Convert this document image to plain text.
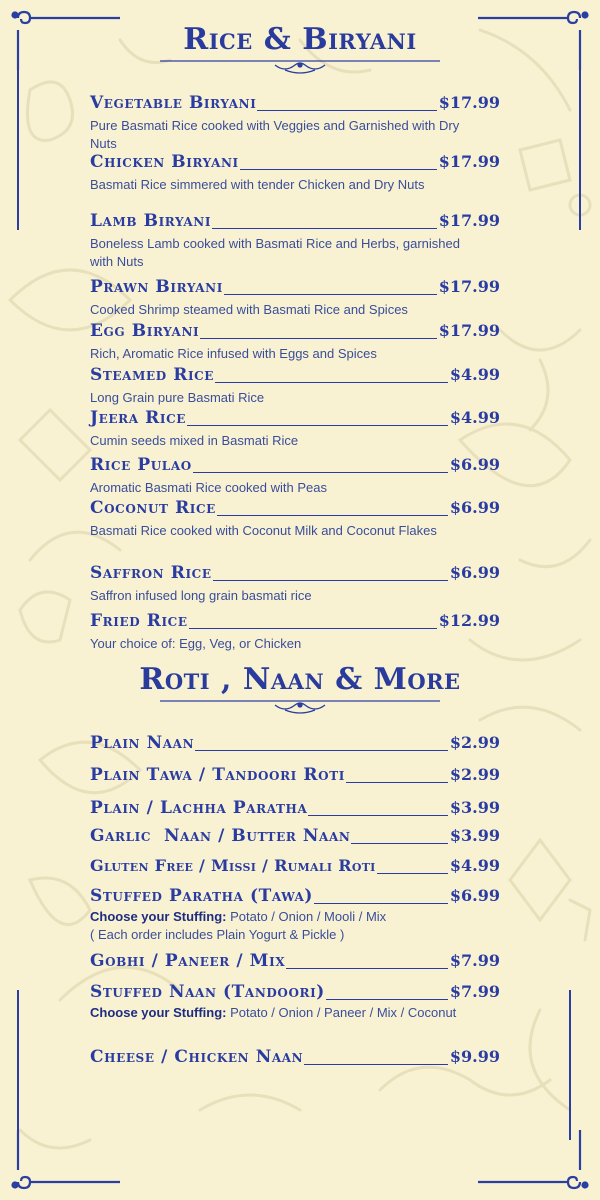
Rice & Biryani
Vegetable Biryani	$17.99
Pure Basmati Rice cooked with Veggies and Garnished with Dry Nuts
Chicken Biryani	$17.99
Basmati Rice simmered with tender Chicken and Dry Nuts
Lamb Biryani	$17.99
Boneless Lamb cooked with Basmati Rice and Herbs, garnished with Nuts
Prawn Biryani	$17.99
Cooked Shrimp steamed with Basmati Rice and Spices
Egg Biryani	$17.99
Rich, Aromatic Rice infused with Eggs and Spices
Steamed Rice	$4.99
Long Grain pure Basmati Rice
Jeera Rice	$4.99
Cumin seeds mixed in Basmati Rice
Rice Pulao	$6.99
Aromatic Basmati Rice cooked with Peas
Coconut Rice	$6.99
Basmati Rice cooked with Coconut Milk and Coconut Flakes
Saffron Rice	$6.99
Saffron infused long grain basmati rice
Fried Rice	$12.99
Your choice of: Egg, Veg, or Chicken
Roti , Naan & More
Plain Naan	$2.99
Plain Tawa / Tandoori Roti	$2.99
Plain / Lachha Paratha	$3.99
Garlic  Naan / Butter Naan	$3.99
Gluten Free / Missi / Rumali Roti	$4.99
Stuffed Paratha (Tawa)	$6.99
Choose your Stuffing: Potato / Onion / Mooli / Mix
( Each order includes Plain Yogurt & Pickle )
Gobhi / Paneer / Mix	$7.99
Stuffed Naan (Tandoori)	$7.99
Choose your Stuffing: Potato / Onion / Paneer / Mix / Coconut
Cheese / Chicken Naan	$9.99
